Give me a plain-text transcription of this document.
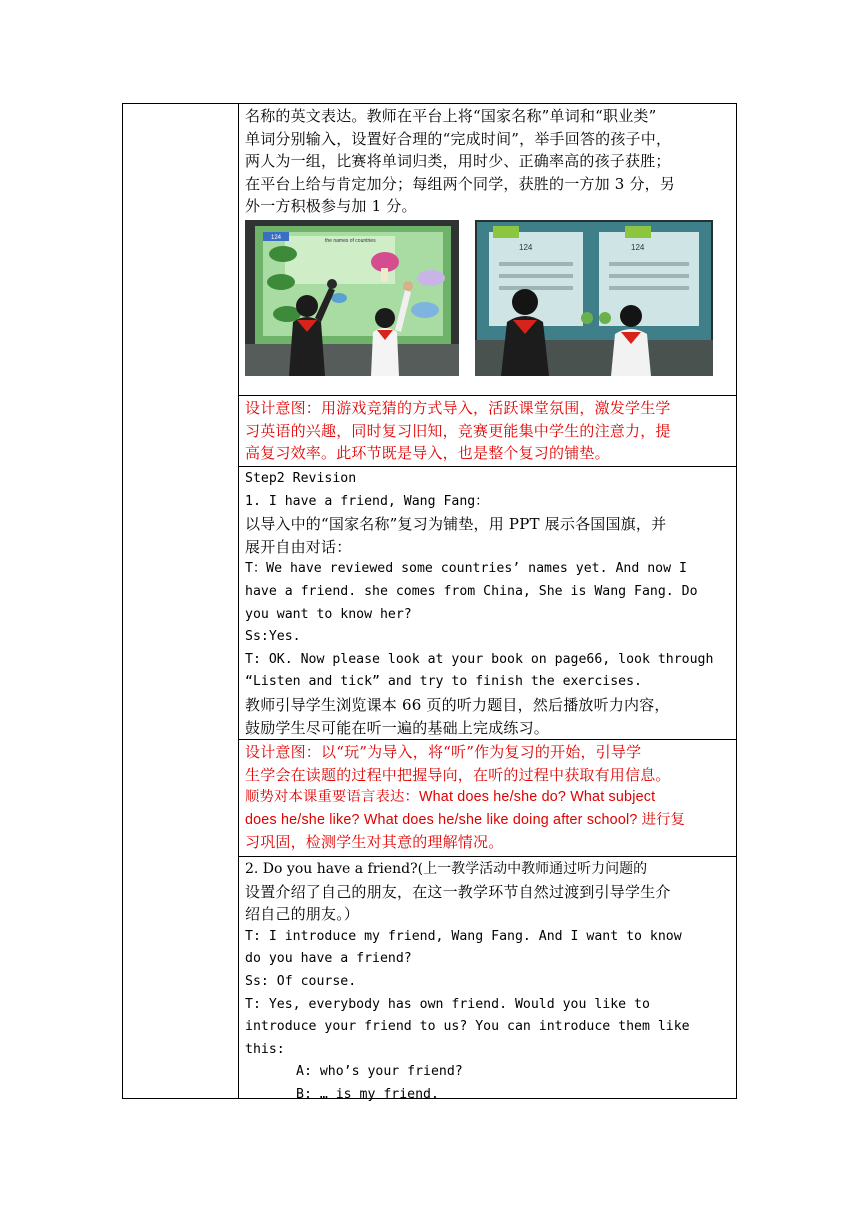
名称的英文表达。教师在平台上将“国家名称”单词和“职业类”
单词分别输入，设置好合理的“完成时间”，举手回答的孩子中，
两人为一组，比赛将单词归类，用时少、正确率高的孩子获胜；
在平台上给与肯定加分；每组两个同学，获胜的一方加 3 分，另
外一方积极参与加 1 分。
124	the names of countries
124	124
设计意图：用游戏竞猜的方式导入，活跃课堂氛围，激发学生学
习英语的兴趣，同时复习旧知，竞赛更能集中学生的注意力，提
高复习效率。此环节既是导入，也是整个复习的铺垫。
Step2 Revision
1. I have a friend, Wang Fang：
以导入中的“国家名称”复习为铺垫，用 PPT 展示各国国旗，并
展开自由对话：
T：We have reviewed some countries’ names yet. And now I
have a friend. she comes from China, She is Wang Fang. Do
you want to know her?
Ss:Yes.
T: OK. Now please look at your book on page66, look through
“Listen and tick” and try to finish the exercises.
教师引导学生浏览课本 66 页的听力题目，然后播放听力内容，
鼓励学生尽可能在听一遍的基础上完成练习。
设计意图：以“玩”为导入，将“听”作为复习的开始，引导学
生学会在读题的过程中把握导向，在听的过程中获取有用信息。
顺势对本课重要语言表达：What does he/she do? What subject
does he/she like? What does he/she like doing after school? 进行复
习巩固，检测学生对其意的理解情况。
2. Do you have a friend?(上一教学活动中教师通过听力问题的
设置介绍了自己的朋友，在这一教学环节自然过渡到引导学生介
绍自己的朋友。）
T: I introduce my friend, Wang Fang. And I want to know
do you have a friend?
Ss: Of course.
T: Yes, everybody has own friend. Would you like to
introduce your friend to us? You can introduce them like
this:
A: who’s your friend?
B: … is my friend.
